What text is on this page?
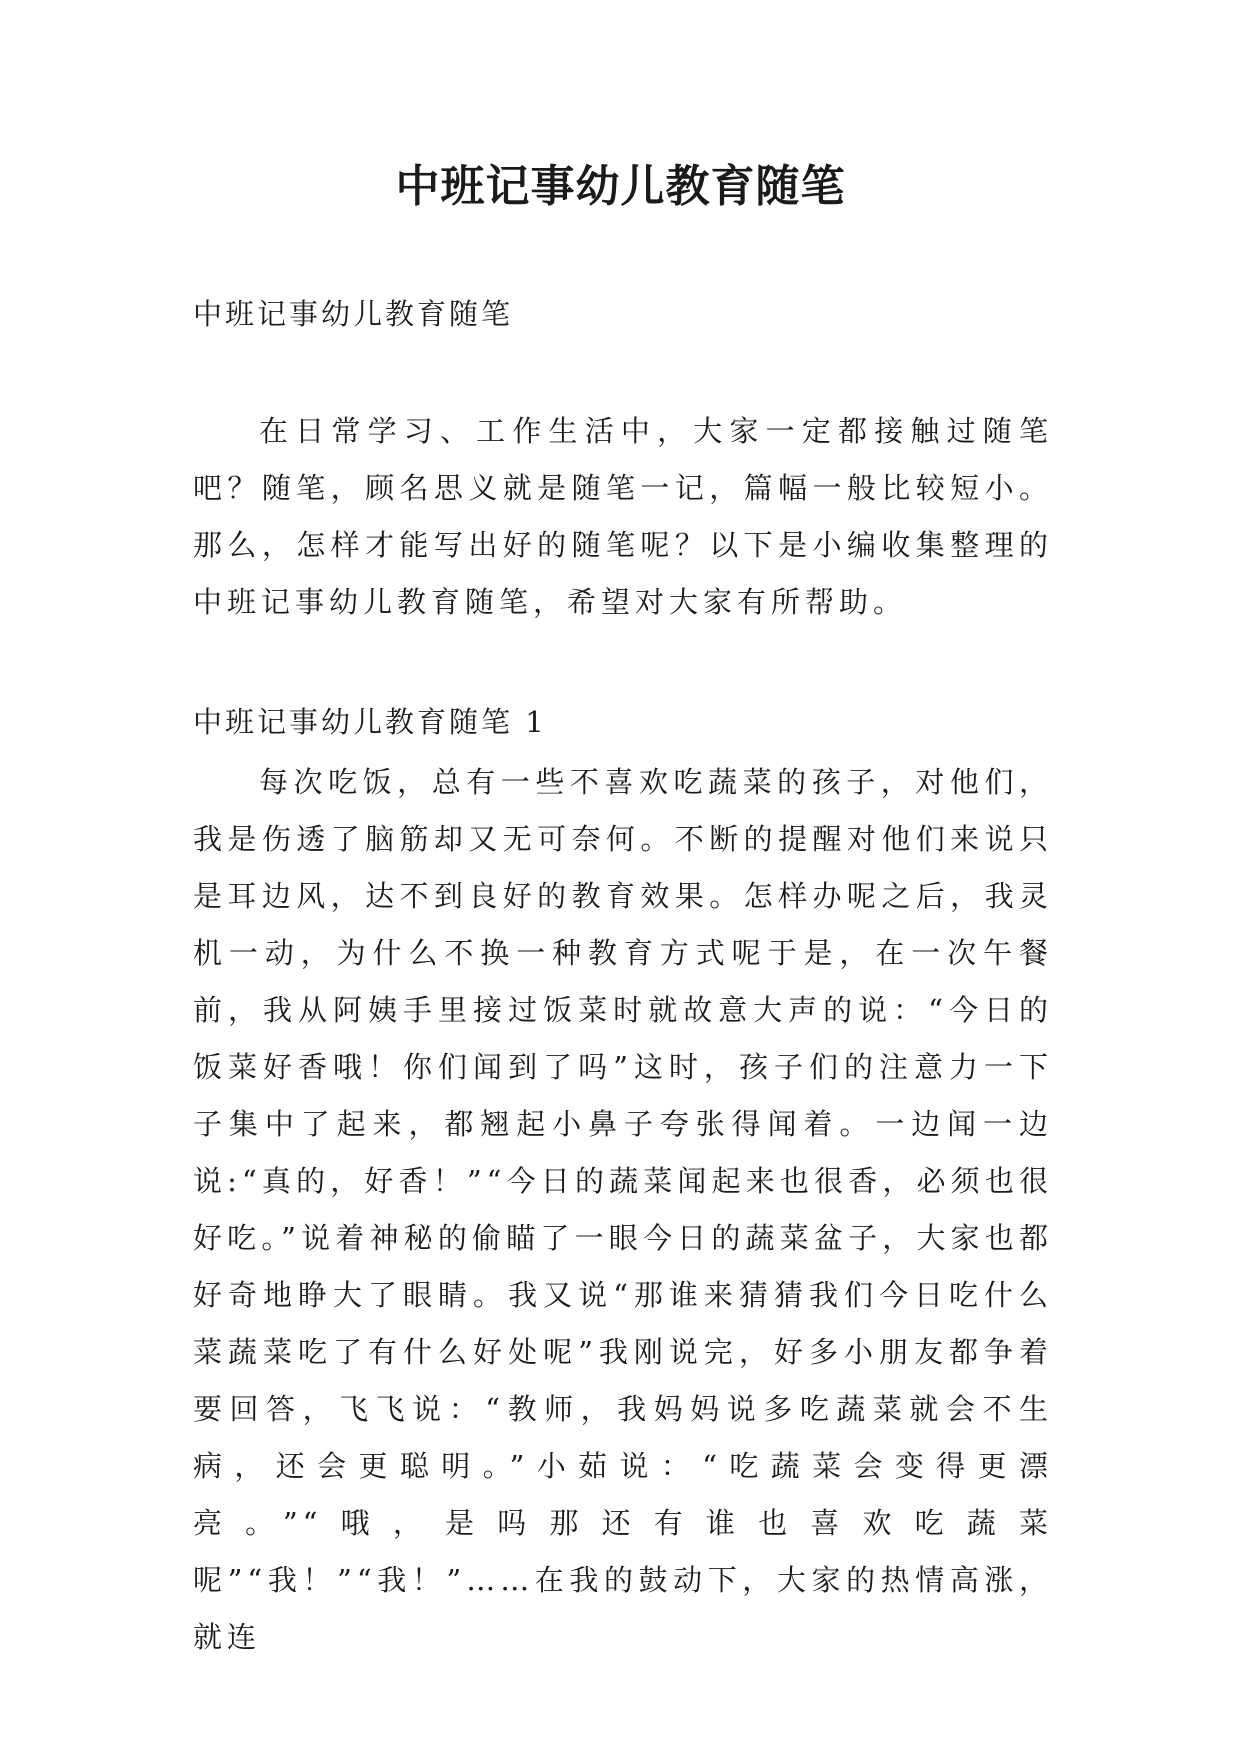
中班记事幼儿教育随笔

中班记事幼儿教育随笔

在日常学习、工作生活中，大家一定都接触过随笔吧？随笔，顾名思义就是随笔一记，篇幅一般比较短小。那么，怎样才能写出好的随笔呢？以下是小编收集整理的中班记事幼儿教育随笔，希望对大家有所帮助。

中班记事幼儿教育随笔 1

每次吃饭，总有一些不喜欢吃蔬菜的孩子，对他们，我是伤透了脑筋却又无可奈何。不断的提醒对他们来说只是耳边风，达不到良好的教育效果。怎样办呢之后，我灵机一动，为什么不换一种教育方式呢于是，在一次午餐前，我从阿姨手里接过饭菜时就故意大声的说：“今日的饭菜好香哦！你们闻到了吗”这时，孩子们的注意力一下子集中了起来，都翘起小鼻子夸张得闻着。一边闻一边说:“真的，好香！”“今日的蔬菜闻起来也很香，必须也很好吃。”说着神秘的偷瞄了一眼今日的蔬菜盆子，大家也都好奇地睁大了眼睛。我又说“那谁来猜猜我们今日吃什么菜蔬菜吃了有什么好处呢”我刚说完，好多小朋友都争着要回答，飞飞说：“教师，我妈妈说多吃蔬菜就会不生病，还会更聪明。”小茹说：“吃蔬菜会变得更漂亮。”“哦，是吗那还有谁也喜欢吃蔬菜呢”“我！”“我！”……在我的鼓动下，大家的热情高涨，就连
